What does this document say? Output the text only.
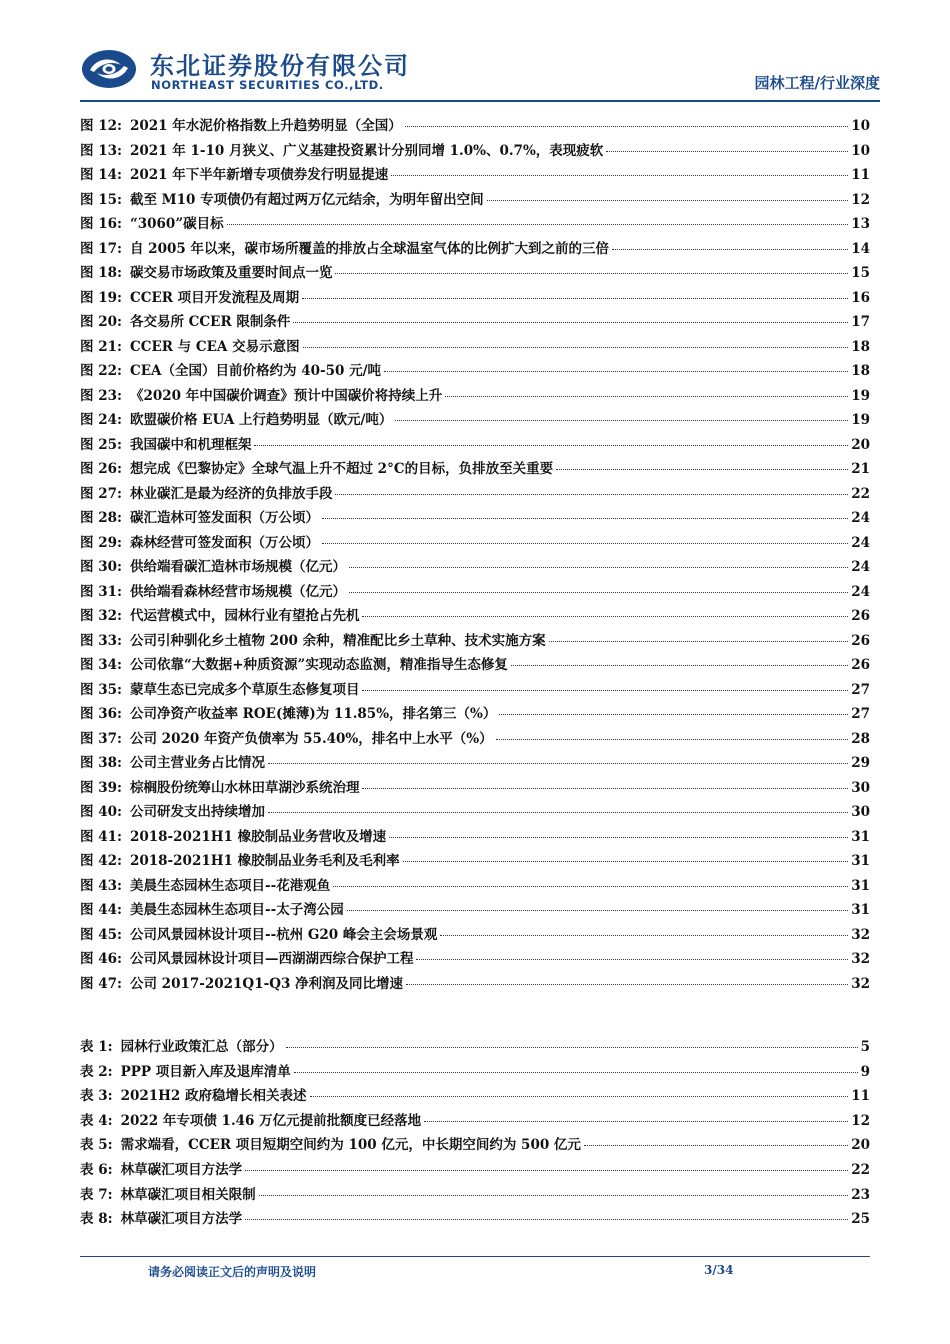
东北证券股份有限公司
NORTHEAST SECURITIES CO.,LTD.	园林工程/行业深度
图 12: 2021 年水泥价格指数上升趋势明显（全国）	10
图 13: 2021 年 1-10 月狭义、广义基建投资累计分别同增 1.0%、0.7%，表现疲软	10
图 14: 2021 年下半年新增专项债券发行明显提速	11
图 15: 截至 M10 专项债仍有超过两万亿元结余，为明年留出空间	12
图 16: “3060”碳目标	13
图 17: 自 2005 年以来，碳市场所覆盖的排放占全球温室气体的比例扩大到之前的三倍	14
图 18: 碳交易市场政策及重要时间点一览	15
图 19: CCER 项目开发流程及周期	16
图 20: 各交易所 CCER 限制条件	17
图 21: CCER 与 CEA 交易示意图	18
图 22: CEA（全国）目前价格约为 40-50 元/吨	18
图 23: 《2020 年中国碳价调查》预计中国碳价将持续上升	19
图 24: 欧盟碳价格 EUA 上行趋势明显（欧元/吨）	19
图 25: 我国碳中和机理框架	20
图 26: 想完成《巴黎协定》全球气温上升不超过 2°C的目标，负排放至关重要	21
图 27: 林业碳汇是最为经济的负排放手段	22
图 28: 碳汇造林可签发面积（万公顷）	24
图 29: 森林经营可签发面积（万公顷）	24
图 30: 供给端看碳汇造林市场规模（亿元）	24
图 31: 供给端看森林经营市场规模（亿元）	24
图 32: 代运营模式中，园林行业有望抢占先机	26
图 33: 公司引种驯化乡土植物 200 余种，精准配比乡土草种、技术实施方案	26
图 34: 公司依靠“大数据+种质资源”实现动态监测，精准指导生态修复	26
图 35: 蒙草生态已完成多个草原生态修复项目	27
图 36: 公司净资产收益率 ROE(摊薄)为 11.85%，排名第三（%）	27
图 37: 公司 2020 年资产负债率为 55.40%，排名中上水平（%）	28
图 38: 公司主营业务占比情况	29
图 39: 棕榈股份统筹山水林田草湖沙系统治理	30
图 40: 公司研发支出持续增加	30
图 41: 2018-2021H1 橡胶制品业务营收及增速	31
图 42: 2018-2021H1 橡胶制品业务毛利及毛利率	31
图 43: 美晨生态园林生态项目--花港观鱼	31
图 44: 美晨生态园林生态项目--太子湾公园	31
图 45: 公司风景园林设计项目--杭州 G20 峰会主会场景观	32
图 46: 公司风景园林设计项目—西湖湖西综合保护工程	32
图 47: 公司 2017-2021Q1-Q3 净利润及同比增速	32
表 1: 园林行业政策汇总（部分）	5
表 2: PPP 项目新入库及退库清单	9
表 3: 2021H2 政府稳增长相关表述	11
表 4: 2022 年专项债 1.46 万亿元提前批额度已经落地	12
表 5: 需求端看，CCER 项目短期空间约为 100 亿元，中长期空间约为 500 亿元	20
表 6: 林草碳汇项目方法学	22
表 7: 林草碳汇项目相关限制	23
表 8: 林草碳汇项目方法学	25
请务必阅读正文后的声明及说明	3/34
